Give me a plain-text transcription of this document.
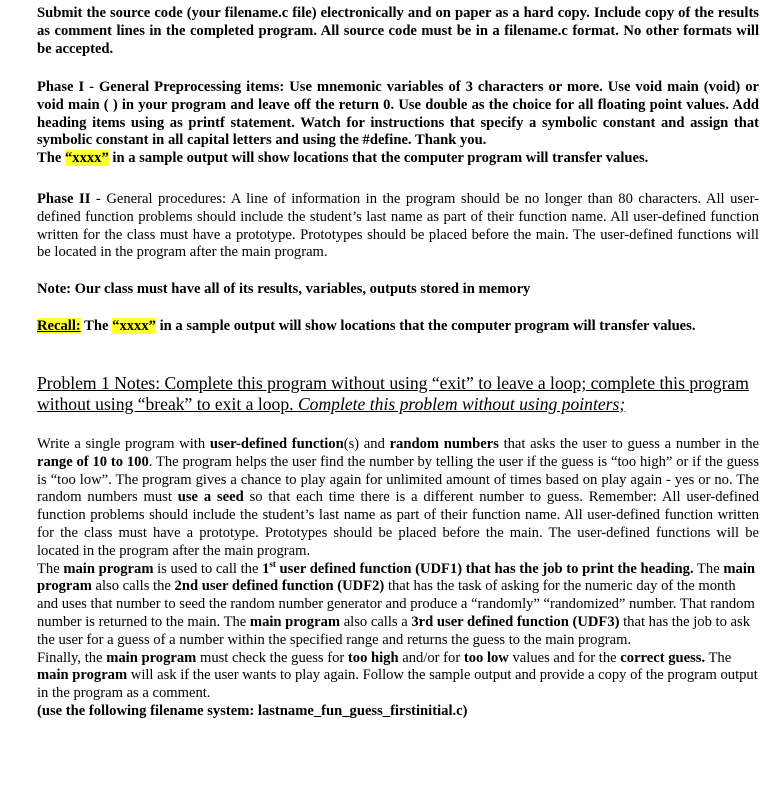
Submit the source code (your filename.c file) electronically and on paper as a hard copy. Include copy of the results as comment lines in the completed program. All source code must be in a filename.c format. No other formats will be accepted.

Phase I - General Preprocessing items: Use mnemonic variables of 3 characters or more. Use void main (void) or void main ( ) in your program and leave off the return 0. Use double as the choice for all floating point values. Add heading items using as printf statement. Watch for instructions that specify a symbolic constant and assign that symbolic constant in all capital letters and using the #define. Thank you.
The “xxxx” in a sample output will show locations that the computer program will transfer values.

Phase II - General procedures: A line of information in the program should be no longer than 80 characters. All user-defined function problems should include the student’s last name as part of their function name. All user-defined function written for the class must have a prototype. Prototypes should be placed before the main. The user-defined functions will be located in the program after the main program.

Note: Our class must have all of its results, variables, outputs stored in memory

Recall: The “xxxx” in a sample output will show locations that the computer program will transfer values.

Problem 1 Notes: Complete this program without using “exit” to leave a loop; complete this program without using “break” to exit a loop. Complete this problem without using pointers;

Write a single program with user-defined function(s) and random numbers that asks the user to guess a number in the range of 10 to 100. The program helps the user find the number by telling the user if the guess is “too high” or if the guess is “too low”. The program gives a chance to play again for unlimited amount of times based on play again - yes or no. The random numbers must use a seed so that each time there is a different number to guess. Remember: All user-defined function problems should include the student’s last name as part of their function name. All user-defined function written for the class must have a prototype. Prototypes should be placed before the main. The user-defined functions will be located in the program after the main program.

The main program is used to call the 1st user defined function (UDF1) that has the job to print the heading. The main program also calls the 2nd user defined function (UDF2) that has the task of asking for the numeric day of the month and uses that number to seed the random number generator and produce a “randomly” “randomized” number. That random number is returned to the main. The main program also calls a 3rd user defined function (UDF3) that has the job to ask the user for a guess of a number within the specified range and returns the guess to the main program.

Finally, the main program must check the guess for too high and/or for too low values and for the correct guess. The main program will ask if the user wants to play again. Follow the sample output and provide a copy of the program output in the program as a comment.

(use the following filename system: lastname_fun_guess_firstinitial.c)
